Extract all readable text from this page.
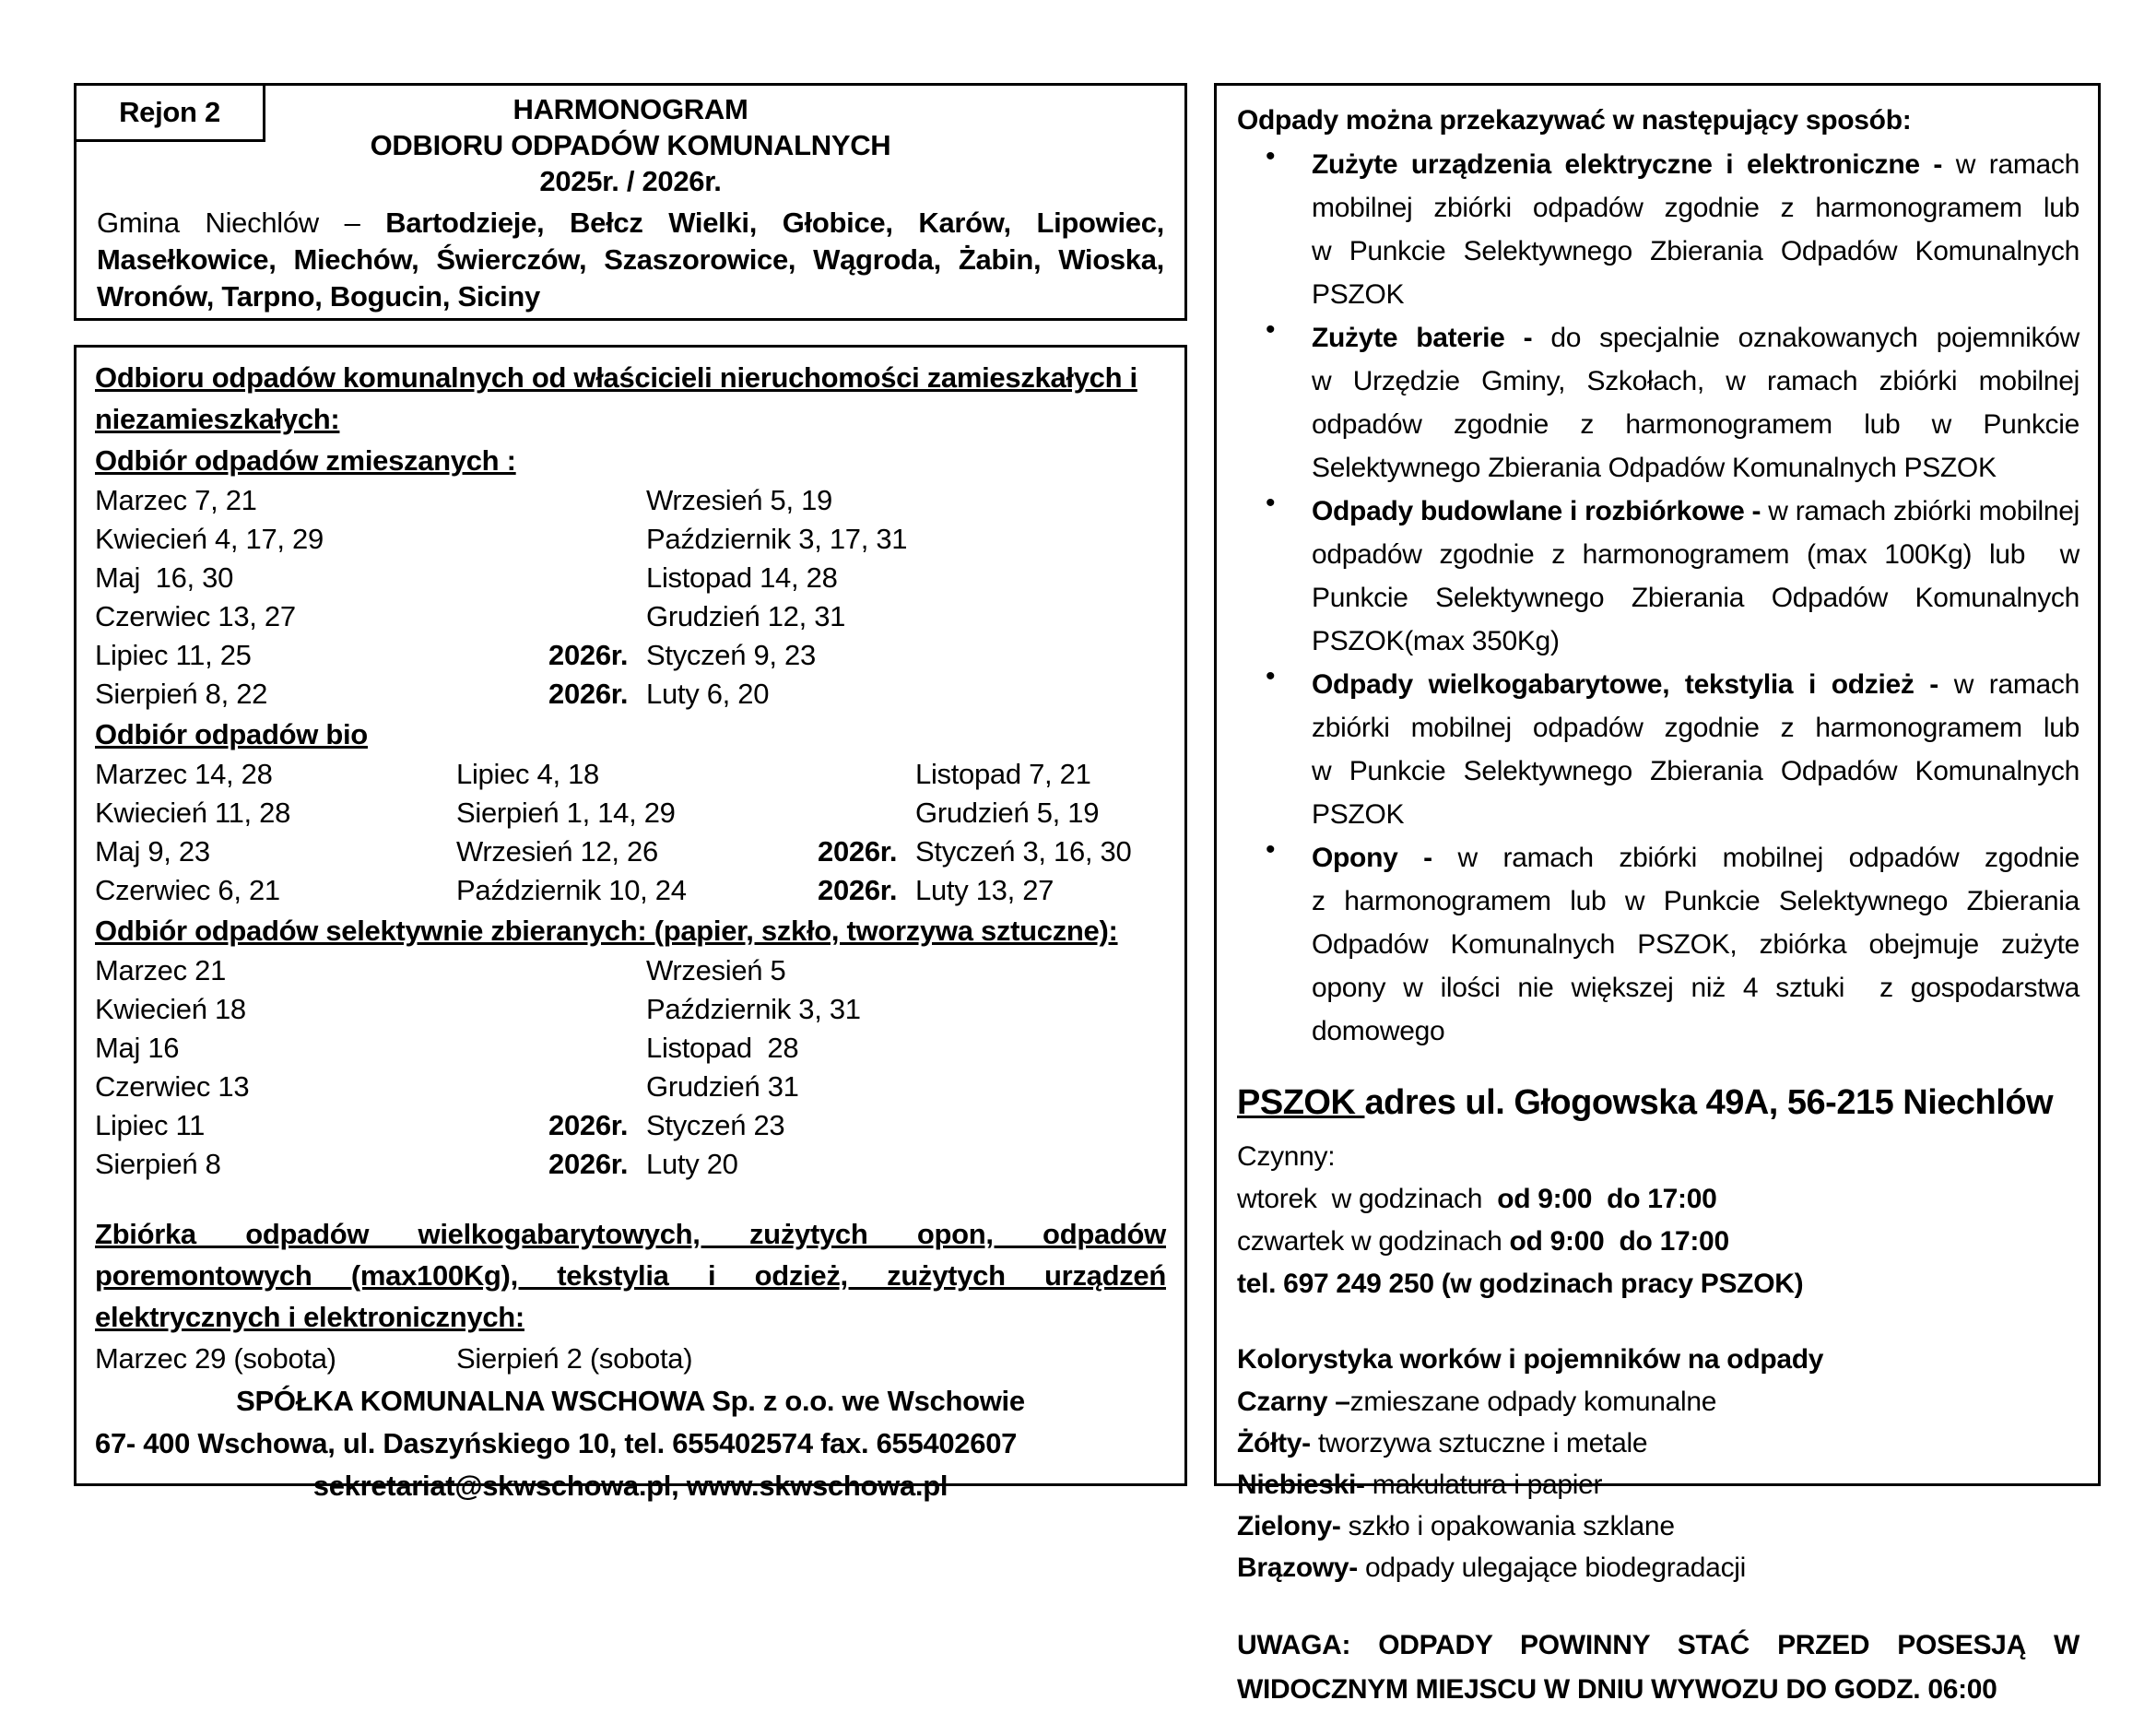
Rejon 2	HARMONOGRAM
ODBIORU ODPADÓW KOMUNALNYCH
2025r. / 2026r.

Gmina Niechlów – Bartodzieje, Bełcz Wielki, Głobice, Karów, Lipowiec, Masełkowice, Miechów, Świerczów, Szaszorowice, Wągroda, Żabin, Wioska, Wronów, Tarpno, Bogucin, Siciny

Odbioru odpadów komunalnych od właścicieli nieruchomości zamieszkałych i niezamieszkałych:
Odbiór odpadów zmieszanych :
Marzec 7, 21	Wrzesień 5, 19
Kwiecień 4, 17, 29	Październik 3, 17, 31
Maj  16, 30	Listopad 14, 28
Czerwiec 13, 27	Grudzień 12, 31
Lipiec 11, 25	2026r. Styczeń 9, 23
Sierpień 8, 22	2026r. Luty 6, 20
Odbiór odpadów bio
Marzec 14, 28	Lipiec 4, 18	Listopad 7, 21
Kwiecień 11, 28	Sierpień 1, 14, 29	Grudzień 5, 19
Maj 9, 23	Wrzesień 12, 26	2026r. Styczeń 3, 16, 30
Czerwiec 6, 21	Październik 10, 24	2026r. Luty 13, 27
Odbiór odpadów selektywnie zbieranych: (papier, szkło, tworzywa sztuczne):
Marzec 21	Wrzesień 5
Kwiecień 18	Październik 3, 31
Maj 16	Listopad  28
Czerwiec 13	Grudzień 31
Lipiec 11	2026r. Styczeń 23
Sierpień 8	2026r. Luty 20
Zbiórka odpadów wielkogabarytowych, zużytych opon, odpadów poremontowych (max100Kg), tekstylia i odzież, zużytych urządzeń elektrycznych i elektronicznych:
Marzec 29 (sobota)	Sierpień 2 (sobota)
SPÓŁKA KOMUNALNA WSCHOWA Sp. z o.o. we Wschowie
67- 400 Wschowa, ul. Daszyńskiego 10, tel. 655402574 fax. 655402607
sekretariat@skwschowa.pl, www.skwschowa.pl
Odpady można przekazywać w następujący sposób:
• Zużyte urządzenia elektryczne i elektroniczne - w ramach mobilnej zbiórki odpadów zgodnie z harmonogramem lub w Punkcie Selektywnego Zbierania Odpadów Komunalnych PSZOK
• Zużyte baterie - do specjalnie oznakowanych pojemników w Urzędzie Gminy, Szkołach, w ramach zbiórki mobilnej odpadów zgodnie z harmonogramem lub w Punkcie Selektywnego Zbierania Odpadów Komunalnych PSZOK
• Odpady budowlane i rozbiórkowe - w ramach zbiórki mobilnej odpadów zgodnie z harmonogramem (max 100Kg) lub  w Punkcie Selektywnego Zbierania Odpadów Komunalnych PSZOK(max 350Kg)
• Odpady wielkogabarytowe, tekstylia i odzież - w ramach zbiórki mobilnej odpadów zgodnie z harmonogramem lub w Punkcie Selektywnego Zbierania Odpadów Komunalnych PSZOK
• Opony - w ramach zbiórki mobilnej odpadów zgodnie z harmonogramem lub w Punkcie Selektywnego Zbierania Odpadów Komunalnych PSZOK, zbiórka obejmuje zużyte opony w ilości nie większej niż 4 sztuki  z gospodarstwa domowego
PSZOK adres ul. Głogowska 49A, 56-215 Niechlów
Czynny:
wtorek  w godzinach  od 9:00  do 17:00
czwartek w godzinach od 9:00  do 17:00
tel. 697 249 250 (w godzinach pracy PSZOK)
Kolorystyka worków i pojemników na odpady
Czarny –zmieszane odpady komunalne
Żółty- tworzywa sztuczne i metale
Niebieski- makulatura i papier
Zielony- szkło i opakowania szklane
Brązowy- odpady ulegające biodegradacji
UWAGA: ODPADY POWINNY STAĆ PRZED POSESJĄ W WIDOCZNYM MIEJSCU W DNIU WYWOZU DO GODZ. 06:00
